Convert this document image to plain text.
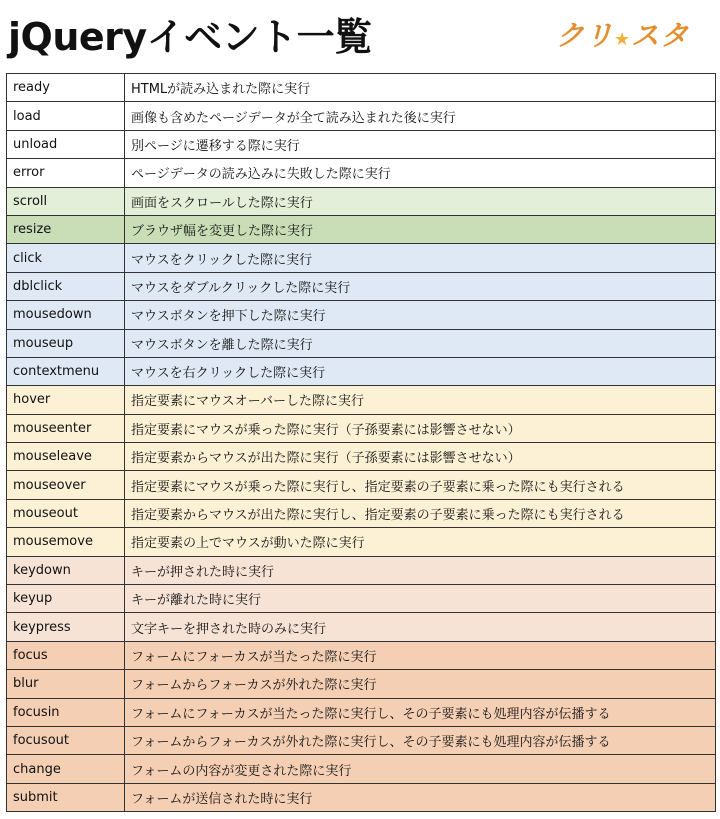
jQueryイベント一覧	クリ★スタ
ready	HTMLが読み込まれた際に実行
load	画像も含めたページデータが全て読み込まれた後に実行
unload	別ページに遷移する際に実行
error	ページデータの読み込みに失敗した際に実行
scroll	画面をスクロールした際に実行
resize	ブラウザ幅を変更した際に実行
click	マウスをクリックした際に実行
dblclick	マウスをダブルクリックした際に実行
mousedown	マウスボタンを押下した際に実行
mouseup	マウスボタンを離した際に実行
contextmenu	マウスを右クリックした際に実行
hover	指定要素にマウスオーバーした際に実行
mouseenter	指定要素にマウスが乗った際に実行（子孫要素には影響させない）
mouseleave	指定要素からマウスが出た際に実行（子孫要素には影響させない）
mouseover	指定要素にマウスが乗った際に実行し、指定要素の子要素に乗った際にも実行される
mouseout	指定要素からマウスが出た際に実行し、指定要素の子要素に乗った際にも実行される
mousemove	指定要素の上でマウスが動いた際に実行
keydown	キーが押された時に実行
keyup	キーが離れた時に実行
keypress	文字キーを押された時のみに実行
focus	フォームにフォーカスが当たった際に実行
blur	フォームからフォーカスが外れた際に実行
focusin	フォームにフォーカスが当たった際に実行し、その子要素にも処理内容が伝播する
focusout	フォームからフォーカスが外れた際に実行し、その子要素にも処理内容が伝播する
change	フォームの内容が変更された際に実行
submit	フォームが送信された時に実行
